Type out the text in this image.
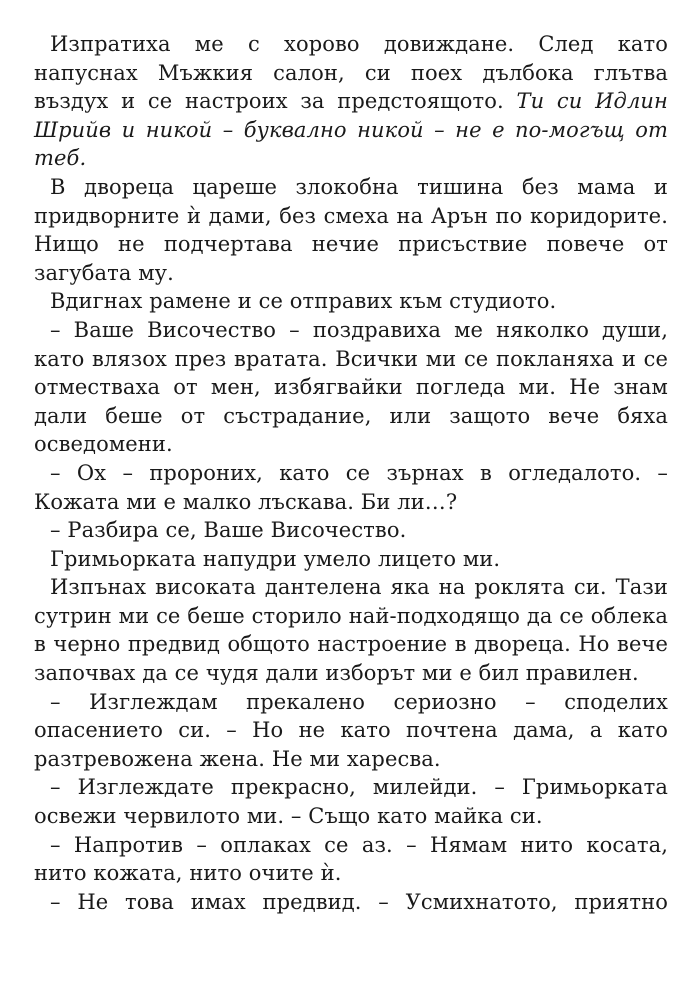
Изпратиха ме с хорово довиждане. След като напуснах Мъжкия салон, си поех дълбока глътва въздух и се настроих за предстоящото. Ти си Идлин Шрийв и никой – буквално никой – не е по-могъщ от теб.

В двореца цареше злокобна тишина без мама и придворните ѝ дами, без смеха на Арън по коридорите. Нищо не подчертава нечие присъствие повече от загубата му.

Вдигнах рамене и се отправих към студиото.

– Ваше Височество – поздравиха ме няколко души, като влязох през вратата. Всички ми се покланяха и се отместваха от мен, избягвайки погледа ми. Не знам дали беше от състрадание, или защото вече бяха осведомени.

– Ох – пророних, като се зърнах в огледалото. – Кожата ми е малко лъскава. Би ли…?

– Разбира се, Ваше Височество.

Гримьорката напудри умело лицето ми.

Изпънах високата дантелена яка на роклята си. Тази сутрин ми се беше сторило най-подходящо да се облека в черно предвид общото настроение в двореца. Но вече започвах да се чудя дали изборът ми е бил правилен.

– Изглеждам прекалено сериозно – споделих опасението си. – Но не като почтена дама, а като разтревожена жена. Не ми харесва.

– Изглеждате прекрасно, милейди. – Гримьорката освежи червилото ми. – Също като майка си.

– Напротив – оплаках се аз. – Нямам нито косата, нито кожата, нито очите ѝ.

– Не това имах предвид. – Усмихнатото, приятно
